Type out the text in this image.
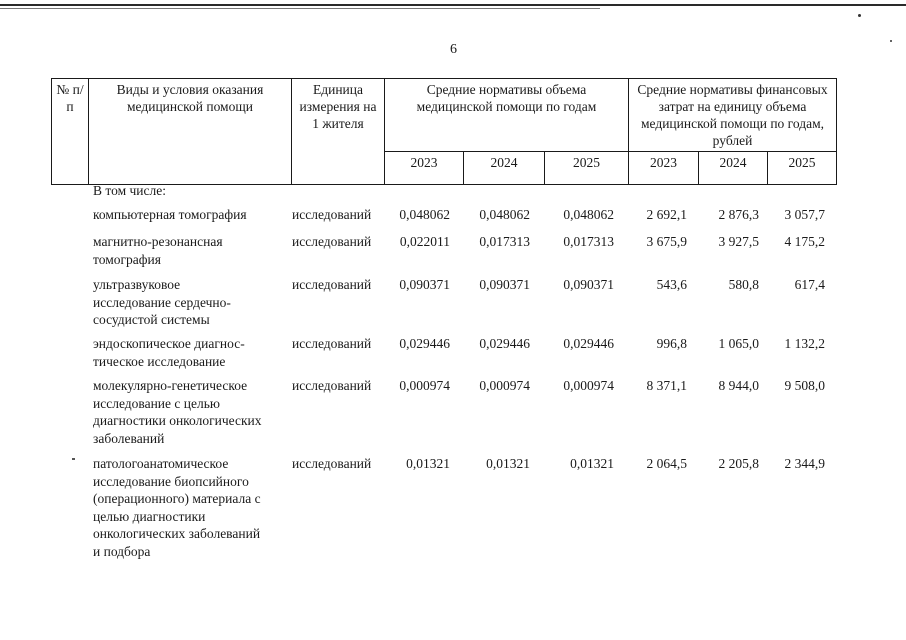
6
№ п/п	Виды и условия оказания медицинской помощи	Единица измерения на 1 жителя	Средние нормативы объема медицинской помощи по годам			Средние нормативы финансовых затрат на единицу объема медицинской помощи по годам, рублей		
			2023	2024	2025	2023	2024	2025
В том числе:
компьютерная томография	исследований	0,048062	0,048062	0,048062	2 692,1	2 876,3	3 057,7
магнитно-резонансная
томография
исследований	0,022011	0,017313	0,017313	3 675,9	3 927,5	4 175,2
ультразвуковое
исследование сердечно-
сосудистой системы
исследований	0,090371	0,090371	0,090371	543,6	580,8	617,4
эндоскопическое диагнос-
тическое исследование
исследований	0,029446	0,029446	0,029446	996,8	1 065,0	1 132,2
молекулярно-генетическое
исследование с целью
диагностики онкологических
заболеваний
исследований	0,000974	0,000974	0,000974	8 371,1	8 944,0	9 508,0
патологоанатомическое
исследование биопсийного
(операционного) материала с
целью диагностики
онкологических заболеваний
и подбора
исследований	0,01321	0,01321	0,01321	2 064,5	2 205,8	2 344,9
